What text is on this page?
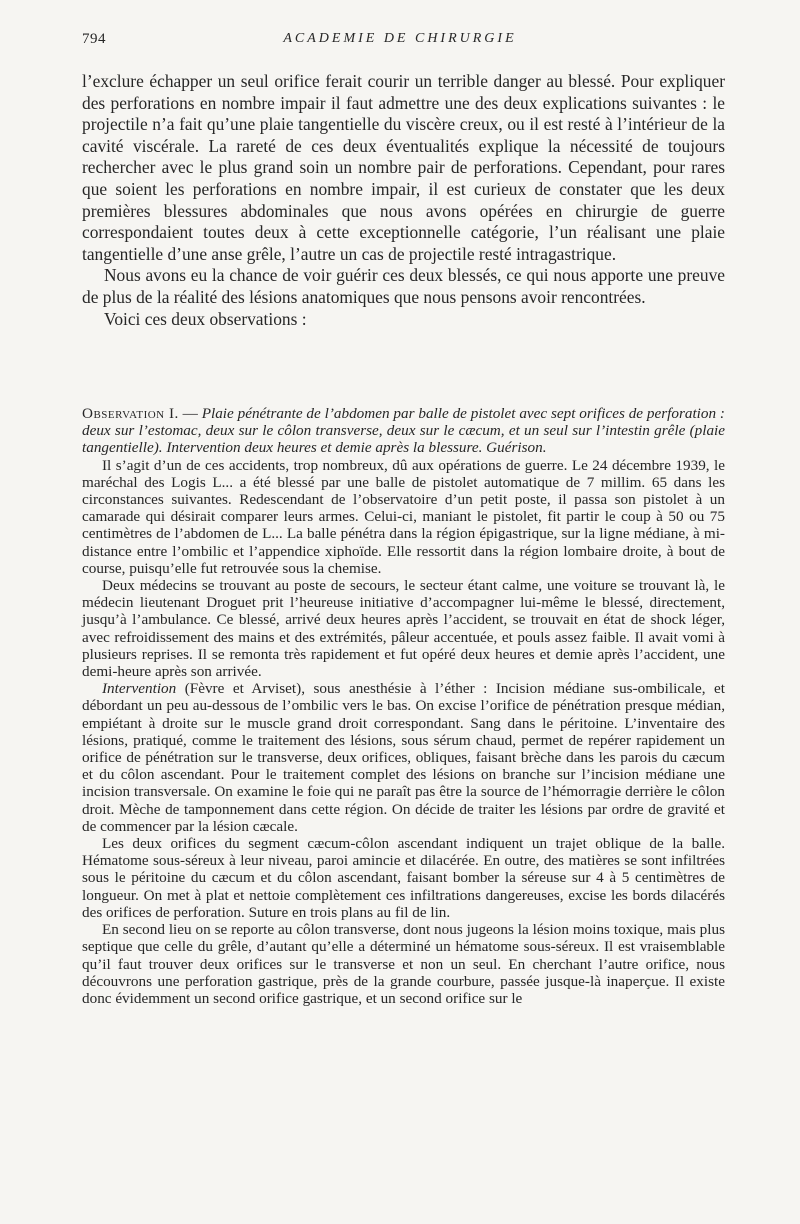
794	ACADEMIE DE CHIRURGIE

l’exclure échapper un seul orifice ferait courir un terrible danger au blessé. Pour expliquer des perforations en nombre impair il faut admettre une des deux explications suivantes : le projectile n’a fait qu’une plaie tangentielle du viscère creux, ou il est resté à l’intérieur de la cavité viscérale. La rareté de ces deux éventualités explique la nécessité de toujours rechercher avec le plus grand soin un nombre pair de perforations. Cependant, pour rares que soient les perforations en nombre impair, il est curieux de constater que les deux premières blessures abdominales que nous avons opérées en chirurgie de guerre correspondaient toutes deux à cette exceptionnelle catégorie, l’un réalisant une plaie tangentielle d’une anse grêle, l’autre un cas de projectile resté intragastrique.

Nous avons eu la chance de voir guérir ces deux blessés, ce qui nous apporte une preuve de plus de la réalité des lésions anatomiques que nous pensons avoir rencontrées.

Voici ces deux observations :

Observation I. — Plaie pénétrante de l’abdomen par balle de pistolet avec sept orifices de perforation : deux sur l’estomac, deux sur le côlon transverse, deux sur le cæcum, et un seul sur l’intestin grêle (plaie tangentielle). Intervention deux heures et demie après la blessure. Guérison.

Il s’agit d’un de ces accidents, trop nombreux, dû aux opérations de guerre. Le 24 décembre 1939, le maréchal des Logis L... a été blessé par une balle de pistolet automatique de 7 millim. 65 dans les circonstances suivantes. Redescendant de l’observatoire d’un petit poste, il passa son pistolet à un camarade qui désirait comparer leurs armes. Celui-ci, maniant le pistolet, fit partir le coup à 50 ou 75 centimètres de l’abdomen de L... La balle pénétra dans la région épigastrique, sur la ligne médiane, à mi-distance entre l’ombilic et l’appendice xiphoïde. Elle ressortit dans la région lombaire droite, à bout de course, puisqu’elle fut retrouvée sous la chemise.

Deux médecins se trouvant au poste de secours, le secteur étant calme, une voiture se trouvant là, le médecin lieutenant Droguet prit l’heureuse initiative d’accompagner lui-même le blessé, directement, jusqu’à l’ambulance. Ce blessé, arrivé deux heures après l’accident, se trouvait en état de shock léger, avec refroidissement des mains et des extrémités, pâleur accentuée, et pouls assez faible. Il avait vomi à plusieurs reprises. Il se remonta très rapidement et fut opéré deux heures et demie après l’accident, une demi-heure après son arrivée.

Intervention (Fèvre et Arviset), sous anesthésie à l’éther : Incision médiane sus-ombilicale, et débordant un peu au-dessous de l’ombilic vers le bas. On excise l’orifice de pénétration presque médian, empiétant à droite sur le muscle grand droit correspondant. Sang dans le péritoine. L’inventaire des lésions, pratiqué, comme le traitement des lésions, sous sérum chaud, permet de repérer rapidement un orifice de pénétration sur le transverse, deux orifices, obliques, faisant brèche dans les parois du cæcum et du côlon ascendant. Pour le traitement complet des lésions on branche sur l’incision médiane une incision transversale. On examine le foie qui ne paraît pas être la source de l’hémorragie derrière le côlon droit. Mèche de tamponnement dans cette région. On décide de traiter les lésions par ordre de gravité et de commencer par la lésion cæcale.

Les deux orifices du segment cæcum-côlon ascendant indiquent un trajet oblique de la balle. Hématome sous-séreux à leur niveau, paroi amincie et dilacérée. En outre, des matières se sont infiltrées sous le péritoine du cæcum et du côlon ascendant, faisant bomber la séreuse sur 4 à 5 centimètres de longueur. On met à plat et nettoie complètement ces infiltrations dangereuses, excise les bords dilacérés des orifices de perforation. Suture en trois plans au fil de lin.

En second lieu on se reporte au côlon transverse, dont nous jugeons la lésion moins toxique, mais plus septique que celle du grêle, d’autant qu’elle a déterminé un hématome sous-séreux. Il est vraisemblable qu’il faut trouver deux orifices sur le transverse et non un seul. En cherchant l’autre orifice, nous découvrons une perforation gastrique, près de la grande courbure, passée jusque-là inaperçue. Il existe donc évidemment un second orifice gastrique, et un second orifice sur le
